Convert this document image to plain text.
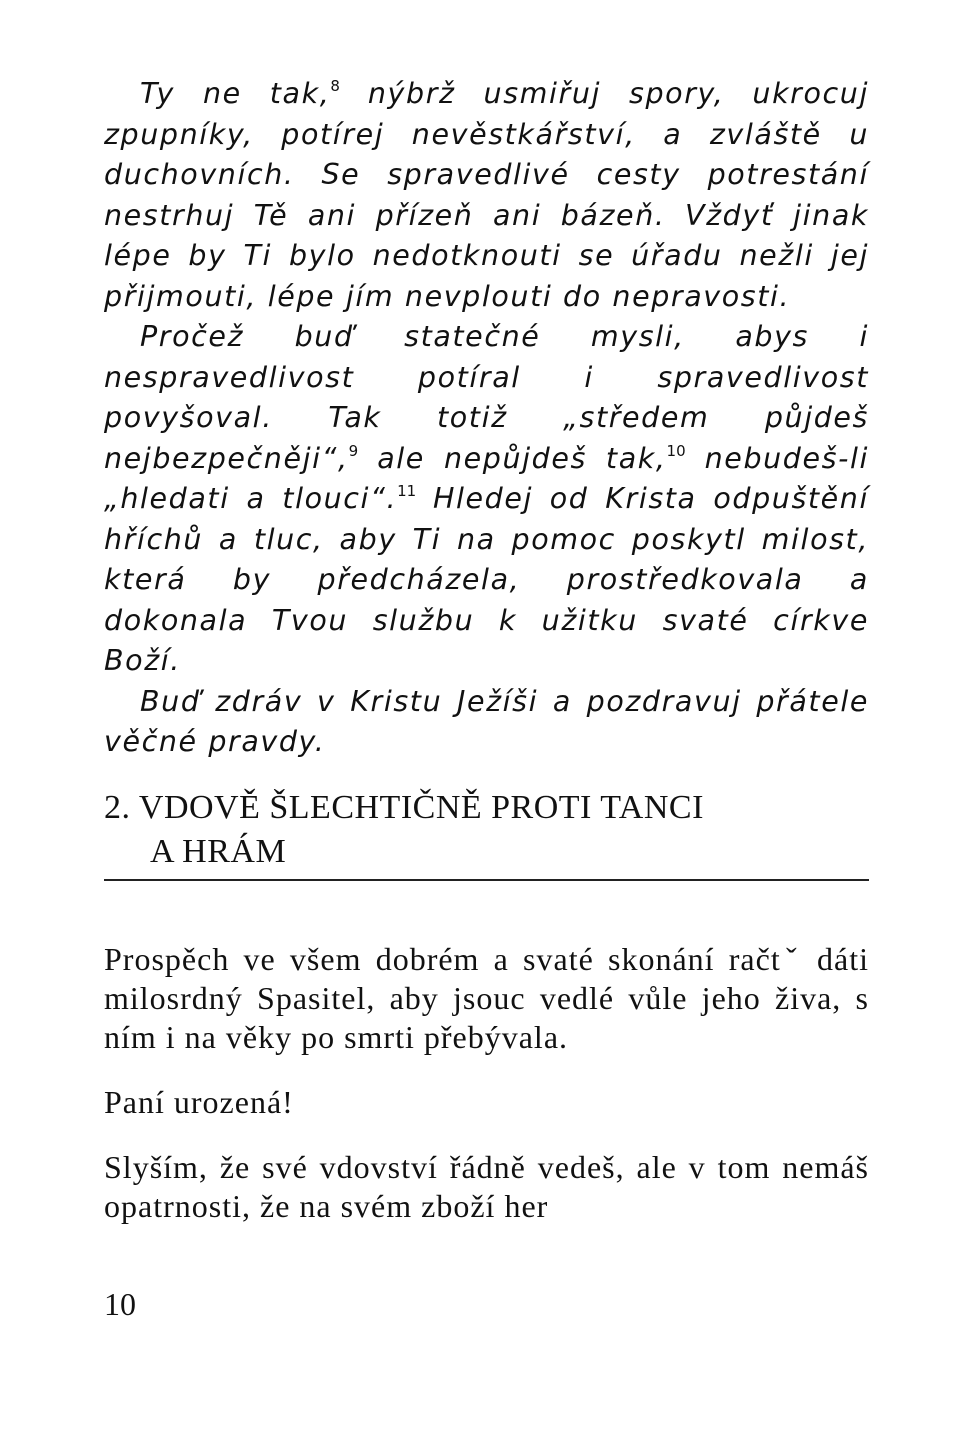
Ty ne tak,$^8$ nýbrž usmiřuj spory, ukrocuj zpupníky, potírej nevěstkářství, a zvláště u duchovních. Se spravedlivé cesty potrestání nestrhuj Tě ani přízeň ani bázeň. Vždyť jinak lépe by Ti bylo nedotknouti se úřadu nežli jej přijmouti, lépe jím nevplouti do nepravosti.

Pročež buď statečné mysli, abys i nespravedlivost potíral i spravedlivost povyšoval. Tak totiž „středem půjdeš nejbezpečněji“,$^9$ ale nepůjdeš tak,$^{10}$ nebudeš-li „hledati a tlouci“.$^{11}$ Hledej od Krista odpuštění hříchů a tluc, aby Ti na pomoc poskytl milost, která by předcházela, prostředkovala a dokonala Tvou službu k užitku svaté církve Boží.

Buď zdráv v Kristu Ježíši a pozdravuj přátele věčné pravdy.

2. VDOVĚ ŠLECHTIČNĚ PROTI TANCI
A HRÁM

Prospěch ve všem dobrém a svaté skonání račtˇ dáti milosrdný Spasitel, aby jsouc vedlé vůle jeho živa, s ním i na věky po smrti přebývala.

Paní urozená!

Slyším, že své vdovství řádně vedeš, ale v tom nemáš opatrnosti, že na svém zboží her

10
